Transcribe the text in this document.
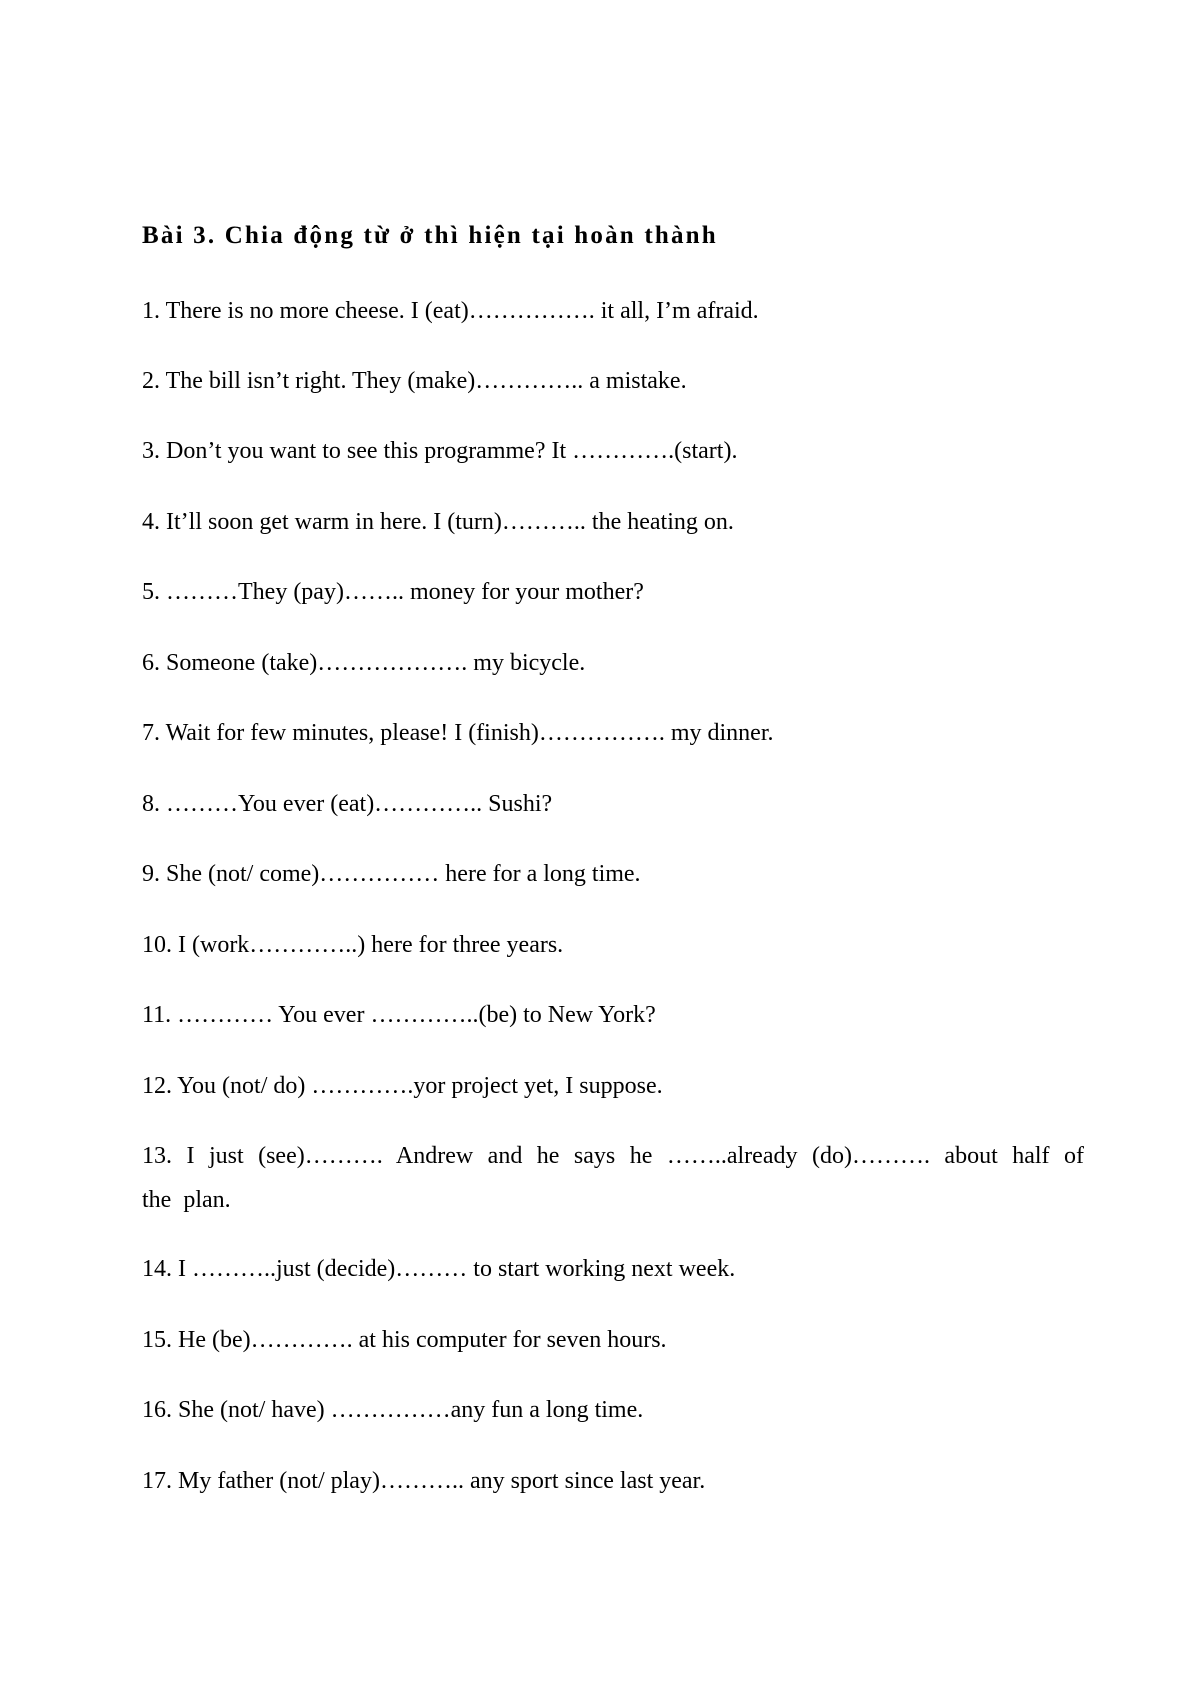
Bài 3. Chia động từ ở thì hiện tại hoàn thành
1. There is no more cheese. I (eat)……………. it all, I’m afraid.
2. The bill isn’t right. They (make)………….. a mistake.
3. Don’t you want to see this programme? It ………….(start).
4. It’ll soon get warm in here. I (turn)……….. the heating on.
5. ………They (pay)…….. money for your mother?
6. Someone (take)………………. my bicycle.
7. Wait for few minutes, please! I (finish)……………. my dinner.
8. ………You ever (eat)………….. Sushi?
9. She (not/ come)…………… here for a long time.
10. I (work…………..) here for three years.
11. ………… You ever …………..(be) to New York?
12. You (not/ do) ………….yor project yet, I suppose.
13. I just (see)………. Andrew and he says he ……..already (do)………. about half of the plan.
14. I ………..just (decide)……… to start working next week.
15. He (be)…………. at his computer for seven hours.
16. She (not/ have) ……………any fun a long time.
17. My father (not/ play)……….. any sport since last year.
